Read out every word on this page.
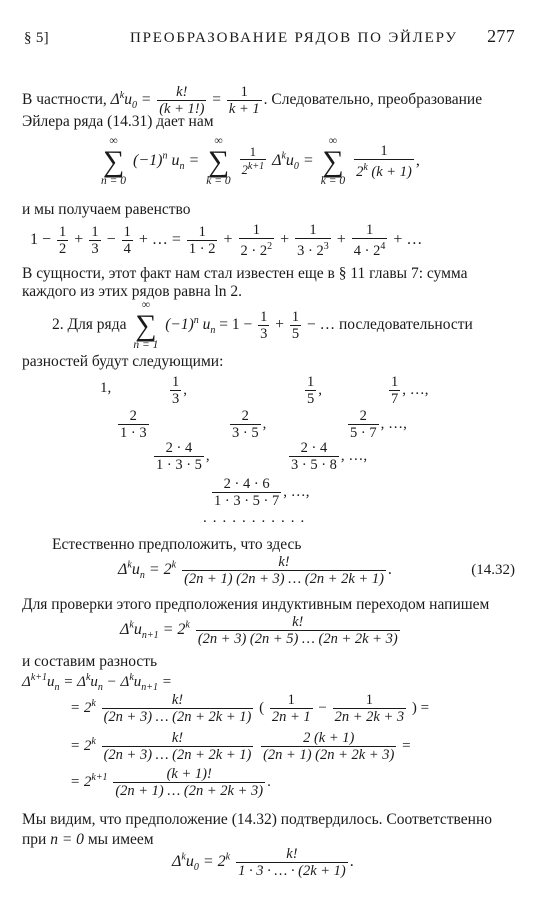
§ 5]	ПРЕОБРАЗОВАНИЕ РЯДОВ ПО ЭЙЛЕРУ 277
В частности, $\Delta^ku_0 = \frac{k!}{(k + 1!)} = \frac{1}{k + 1}$ . Следовательно, преобразование
Эйлера ряда (14.31) дает нам
∞
∑
n = 0
$(-1)^n$ $u_n$ =
∞
∑
k = 0

$\frac{1}{2^{k+1}} \Delta^ku_0$ =
∞
∑
k = 0

$\frac{1}{2^k (k + 1)}$ ,
и мы получаем равенство
$1 - \frac{1}{2} + \frac{1}{3} - \frac{1}{4}$ + … = $\frac{1}{1 \cdot 2} + \frac{1}{2 \cdot 2^2} + \frac{1}{3 \cdot 2^3} + \frac{1}{4 \cdot 2^4}$ + …
В сущности, этот факт нам стал известен еще в § 11 главы 7: сумма
каждого из этих рядов равна ln 2.
2. Для ряда
∞
∑
n = 1
$(-1)^n$ $u_n = 1 - \frac{1}{3} + \frac{1}{5}$ − … последовательности
разностей будут следующими:
1,	$\frac{1}{3}$ ,	$\frac{1}{5}$ ,	$\frac{1}{7}$ , …,
$\frac{2}{1 \cdot 3}$	$\frac{2}{3 \cdot 5}$ ,	$\frac{2}{5 \cdot 7}$ , …,
$\frac{2 \cdot 4}{1 \cdot 3 \cdot 5}$ ,	$\frac{2 \cdot 4}{3 \cdot 5 \cdot 8}$ , …,
$\frac{2 \cdot 4 \cdot 6}{1 \cdot 3 \cdot 5 \cdot 7}$ , …,
...........
Естественно предположить, что здесь
$\Delta^ku_n = 2^k \frac{k!}{(2n + 1) (2n + 3) \dots (2n + 2k + 1)}$ .	(14.32)
Для проверки этого предположения индуктивным переходом напишем
$\Delta^ku_{n+1} = 2^k \frac{k!}{(2n + 3) (2n + 5) \dots (2n + 2k + 3)}$
и составим разность
$\Delta^{k+1}u_n = \Delta^ku_n - \Delta^ku_{n+1}$ =
= $2^k \frac{k!}{(2n + 3) \dots (2n + 2k + 1)}$ ( $\frac{1}{2n + 1} - \frac{1}{2n + 2k + 3}$ ) =
= $2^k \frac{k!}{(2n + 3) \dots (2n + 2k + 1)}$
$\frac{2 (k + 1)}{(2n + 1) (2n + 2k + 3)}$ =
= $2^{k+1} \frac{(k + 1)!}{(2n + 1) \dots (2n + 2k + 3)}$ .
Мы видим, что предположение (14.32) подтвердилось. Соответственно
при n = 0 мы имеем
$\Delta^ku_0 = 2^k \frac{k!}{1 \cdot 3 \cdot \dots \cdot (2k + 1)}$ .
